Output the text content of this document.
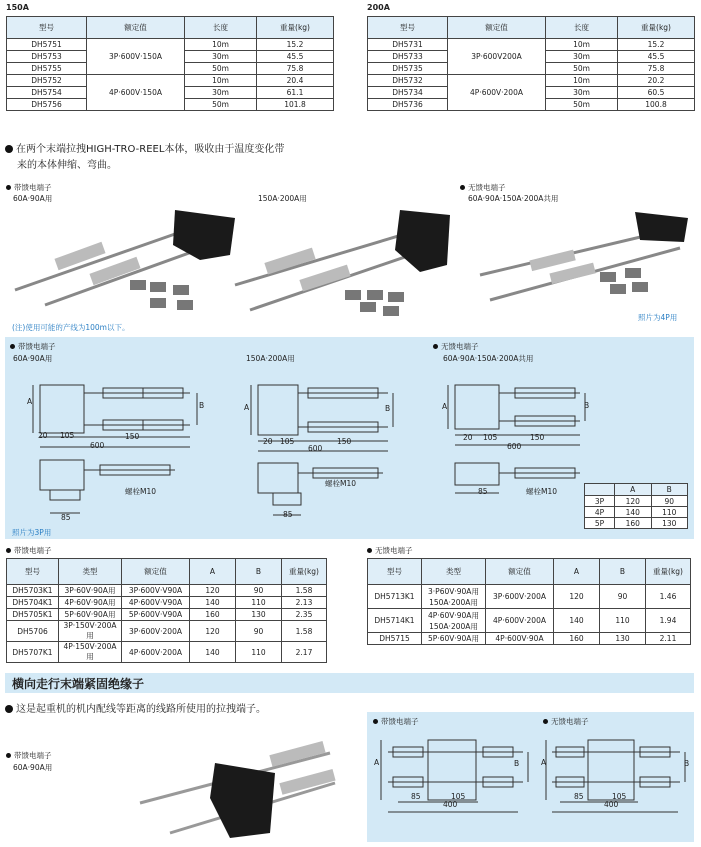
150A
型号	额定值	长度	重量(kg)
DH5751	3P·600V·150A	10m	15.2
DH5753		30m	45.5
DH5755		50m	75.8
DH5752	4P·600V·150A	10m	20.4
DH5754		30m	61.1
DH5756		50m	101.8
200A
型号	额定值	长度	重量(kg)
DH5731	3P·600V200A	10m	15.2
DH5733		30m	45.5
DH5735		50m	75.8
DH5732	4P·600V·200A	10m	20.2
DH5734		30m	60.5
DH5736		50m	100.8
在两个末端拉拽HIGH-TRO-REEL本体，吸收由于温度变化带
来的本体伸缩、弯曲。
带馈电端子
60A·90A用	150A·200A用
无馈电端子
60A·90A·150A·200A共用
(注)使用可能的产线为100m以下。
照片为4P用
带馈电端子
60A·90A用	150A·200A用
无馈电端子
60A·90A·150A·200A共用
A	B
20 105	150
600
螺栓M10
85
照片为3P用
A	B
20 105	150
600
螺栓M10
85
A	B
20 105	150
600
螺栓M10
85
		A	B
3P	120	90
4P	140	110
5P	160	130
带馈电端子
型号	类型	额定值	A	B	重量(kg)
DH5703K1	3P·60V·90A用	3P·600V·V90A	120	90	1.58
DH5704K1	4P·60V·90A用	4P·600V·V90A	140	110	2.13
DH5705K1	5P·60V·90A用	5P·600V·V90A	160	130	2.35
DH5706	3P·150V·200A用	3P·600V·200A	120	90	1.58
DH5707K1	4P·150V·200A用	4P·600V·200A	140	110	2.17
无馈电端子
型号	类型	额定值	A	B	重量(kg)
DH5713K1	3·P60V·90A用
150A·200A用	3P·600V·200A	120	90	1.46
DH5714K1	4P·60V·90A用
150A·200A用	4P·600V·200A	140	110	1.94
DH5715	5P·60V·90A用	4P·600V·90A	160	130	2.11
横向走行末端紧固绝缘子
这是起重机的机内配线等距离的线路所使用的拉拽端子。
带馈电端子
60A·90A用
带馈电端子	无馈电端子
A	B
85	105
400
A	B
85	105
400
